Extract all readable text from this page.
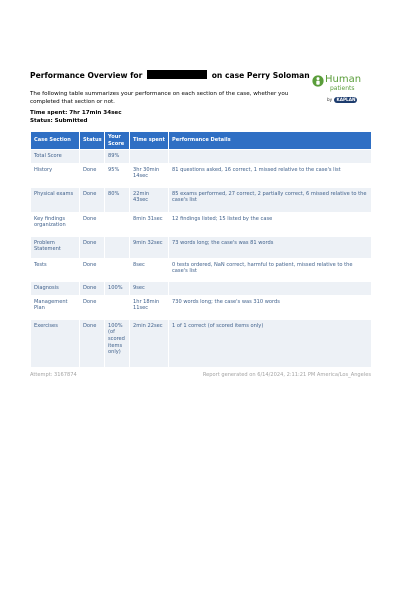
Performance Overview for	on case Perry Soloman Human
patients
by KAPLAN
The following table summarizes your performance on each section of the case, whether you completed that section or not.
Time spent: 7hr 17min 34sec
Status: Submitted
Case Section	Status	Your Score	Time spent	Performance Details
Total Score		89%		
History	Done	95%	3hr 30min 14sec	81 questions asked, 16 correct, 1 missed relative to the case's list
Physical exams	Done	80%	22min 43sec	85 exams performed, 27 correct, 2 partially correct, 6 missed relative to the case's list
Key findings organization	Done		8min 31sec	12 findings listed; 15 listed by the case
Problem Statement	Done		9min 32sec	73 words long; the case's was 81 words
Tests	Done		8sec	0 tests ordered, NaN correct, harmful to patient, missed relative to the case's list
Diagnosis	Done	100%	9sec	
Management Plan	Done		1hr 18min 11sec	730 words long; the case's was 310 words
Exercises	Done	100% (of scored items only)	2min 22sec	1 of 1 correct (of scored items only)
Attempt: 3167874	Report generated on 6/14/2024, 2:11:21 PM America/Los_Angeles
